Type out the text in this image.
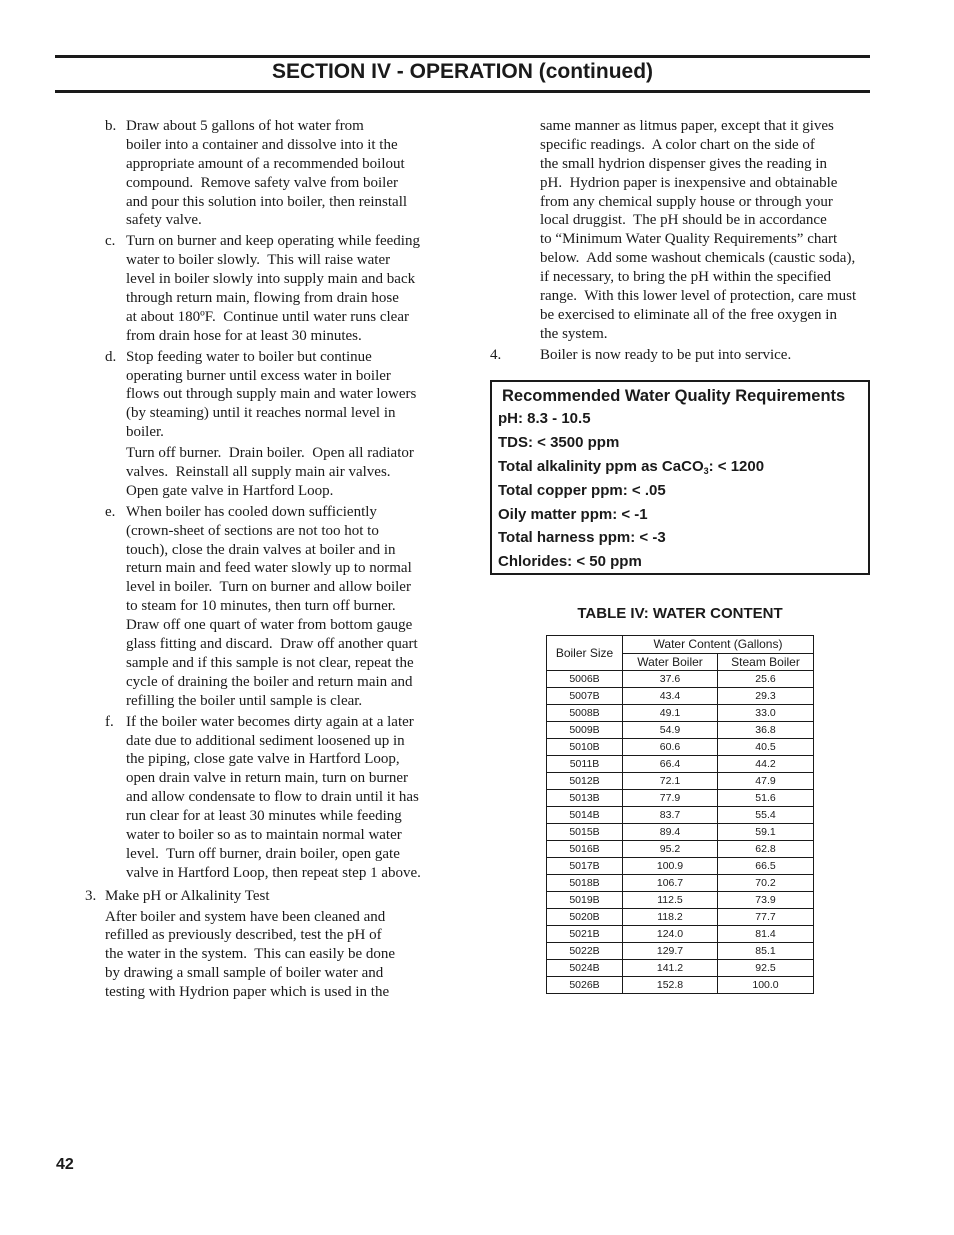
SECTION IV - OPERATION (continued)
b. Draw about 5 gallons of hot water from
boiler into a container and dissolve into it the
appropriate amount of a recommended boilout
compound.  Remove safety valve from boiler
and pour this solution into boiler, then reinstall
safety valve.
c. Turn on burner and keep operating while feeding
water to boiler slowly.  This will raise water
level in boiler slowly into supply main and back
through return main, flowing from drain hose
at about 180ºF.  Continue until water runs clear
from drain hose for at least 30 minutes.
d. Stop feeding water to boiler but continue
operating burner until excess water in boiler
flows out through supply main and water lowers
(by steaming) until it reaches normal level in
boiler.
Turn off burner.  Drain boiler.  Open all radiator
valves.  Reinstall all supply main air valves.
Open gate valve in Hartford Loop.
e. When boiler has cooled down sufficiently
(crown-sheet of sections are not too hot to
touch), close the drain valves at boiler and in
return main and feed water slowly up to normal
level in boiler.  Turn on burner and allow boiler
to steam for 10 minutes, then turn off burner.
Draw off one quart of water from bottom gauge
glass fitting and discard.  Draw off another quart
sample and if this sample is not clear, repeat the
cycle of draining the boiler and return main and
refilling the boiler until sample is clear.
f. If the boiler water becomes dirty again at a later
date due to additional sediment loosened up in
the piping, close gate valve in Hartford Loop,
open drain valve in return main, turn on burner
and allow condensate to flow to drain until it has
run clear for at least 30 minutes while feeding
water to boiler so as to maintain normal water
level.  Turn off burner, drain boiler, open gate
valve in Hartford Loop, then repeat step 1 above.
3. Make pH or Alkalinity Test
After boiler and system have been cleaned and
refilled as previously described, test the pH of
the water in the system.  This can easily be done
by drawing a small sample of boiler water and
testing with Hydrion paper which is used in the
same manner as litmus paper, except that it gives
specific readings.  A color chart on the side of
the small hydrion dispenser gives the reading in
pH.  Hydrion paper is inexpensive and obtainable
from any chemical supply house or through your
local druggist.  The pH should be in accordance
to “Minimum Water Quality Requirements” chart
below.  Add some washout chemicals (caustic soda),
if necessary, to bring the pH within the specified
range.  With this lower level of protection, care must
be exercised to eliminate all of the free oxygen in
the system.
4.	Boiler is now ready to be put into service.
Recommended Water Quality Requirements
pH: 8.3 - 10.5
TDS: < 3500 ppm
Total alkalinity ppm as CaCO$_3$: < 1200
Total copper ppm: < .05
Oily matter ppm: < -1
Total harness ppm: < -3
Chlorides: < 50 ppm
TABLE IV: WATER CONTENT
Boiler Size	Water Content (Gallons)	
	Water Boiler	Steam Boiler
5006B	37.6	25.6
5007B	43.4	29.3
5008B	49.1	33.0
5009B	54.9	36.8
5010B	60.6	40.5
5011B	66.4	44.2
5012B	72.1	47.9
5013B	77.9	51.6
5014B	83.7	55.4
5015B	89.4	59.1
5016B	95.2	62.8
5017B	100.9	66.5
5018B	106.7	70.2
5019B	112.5	73.9
5020B	118.2	77.7
5021B	124.0	81.4
5022B	129.7	85.1
5024B	141.2	92.5
5026B	152.8	100.0
42
